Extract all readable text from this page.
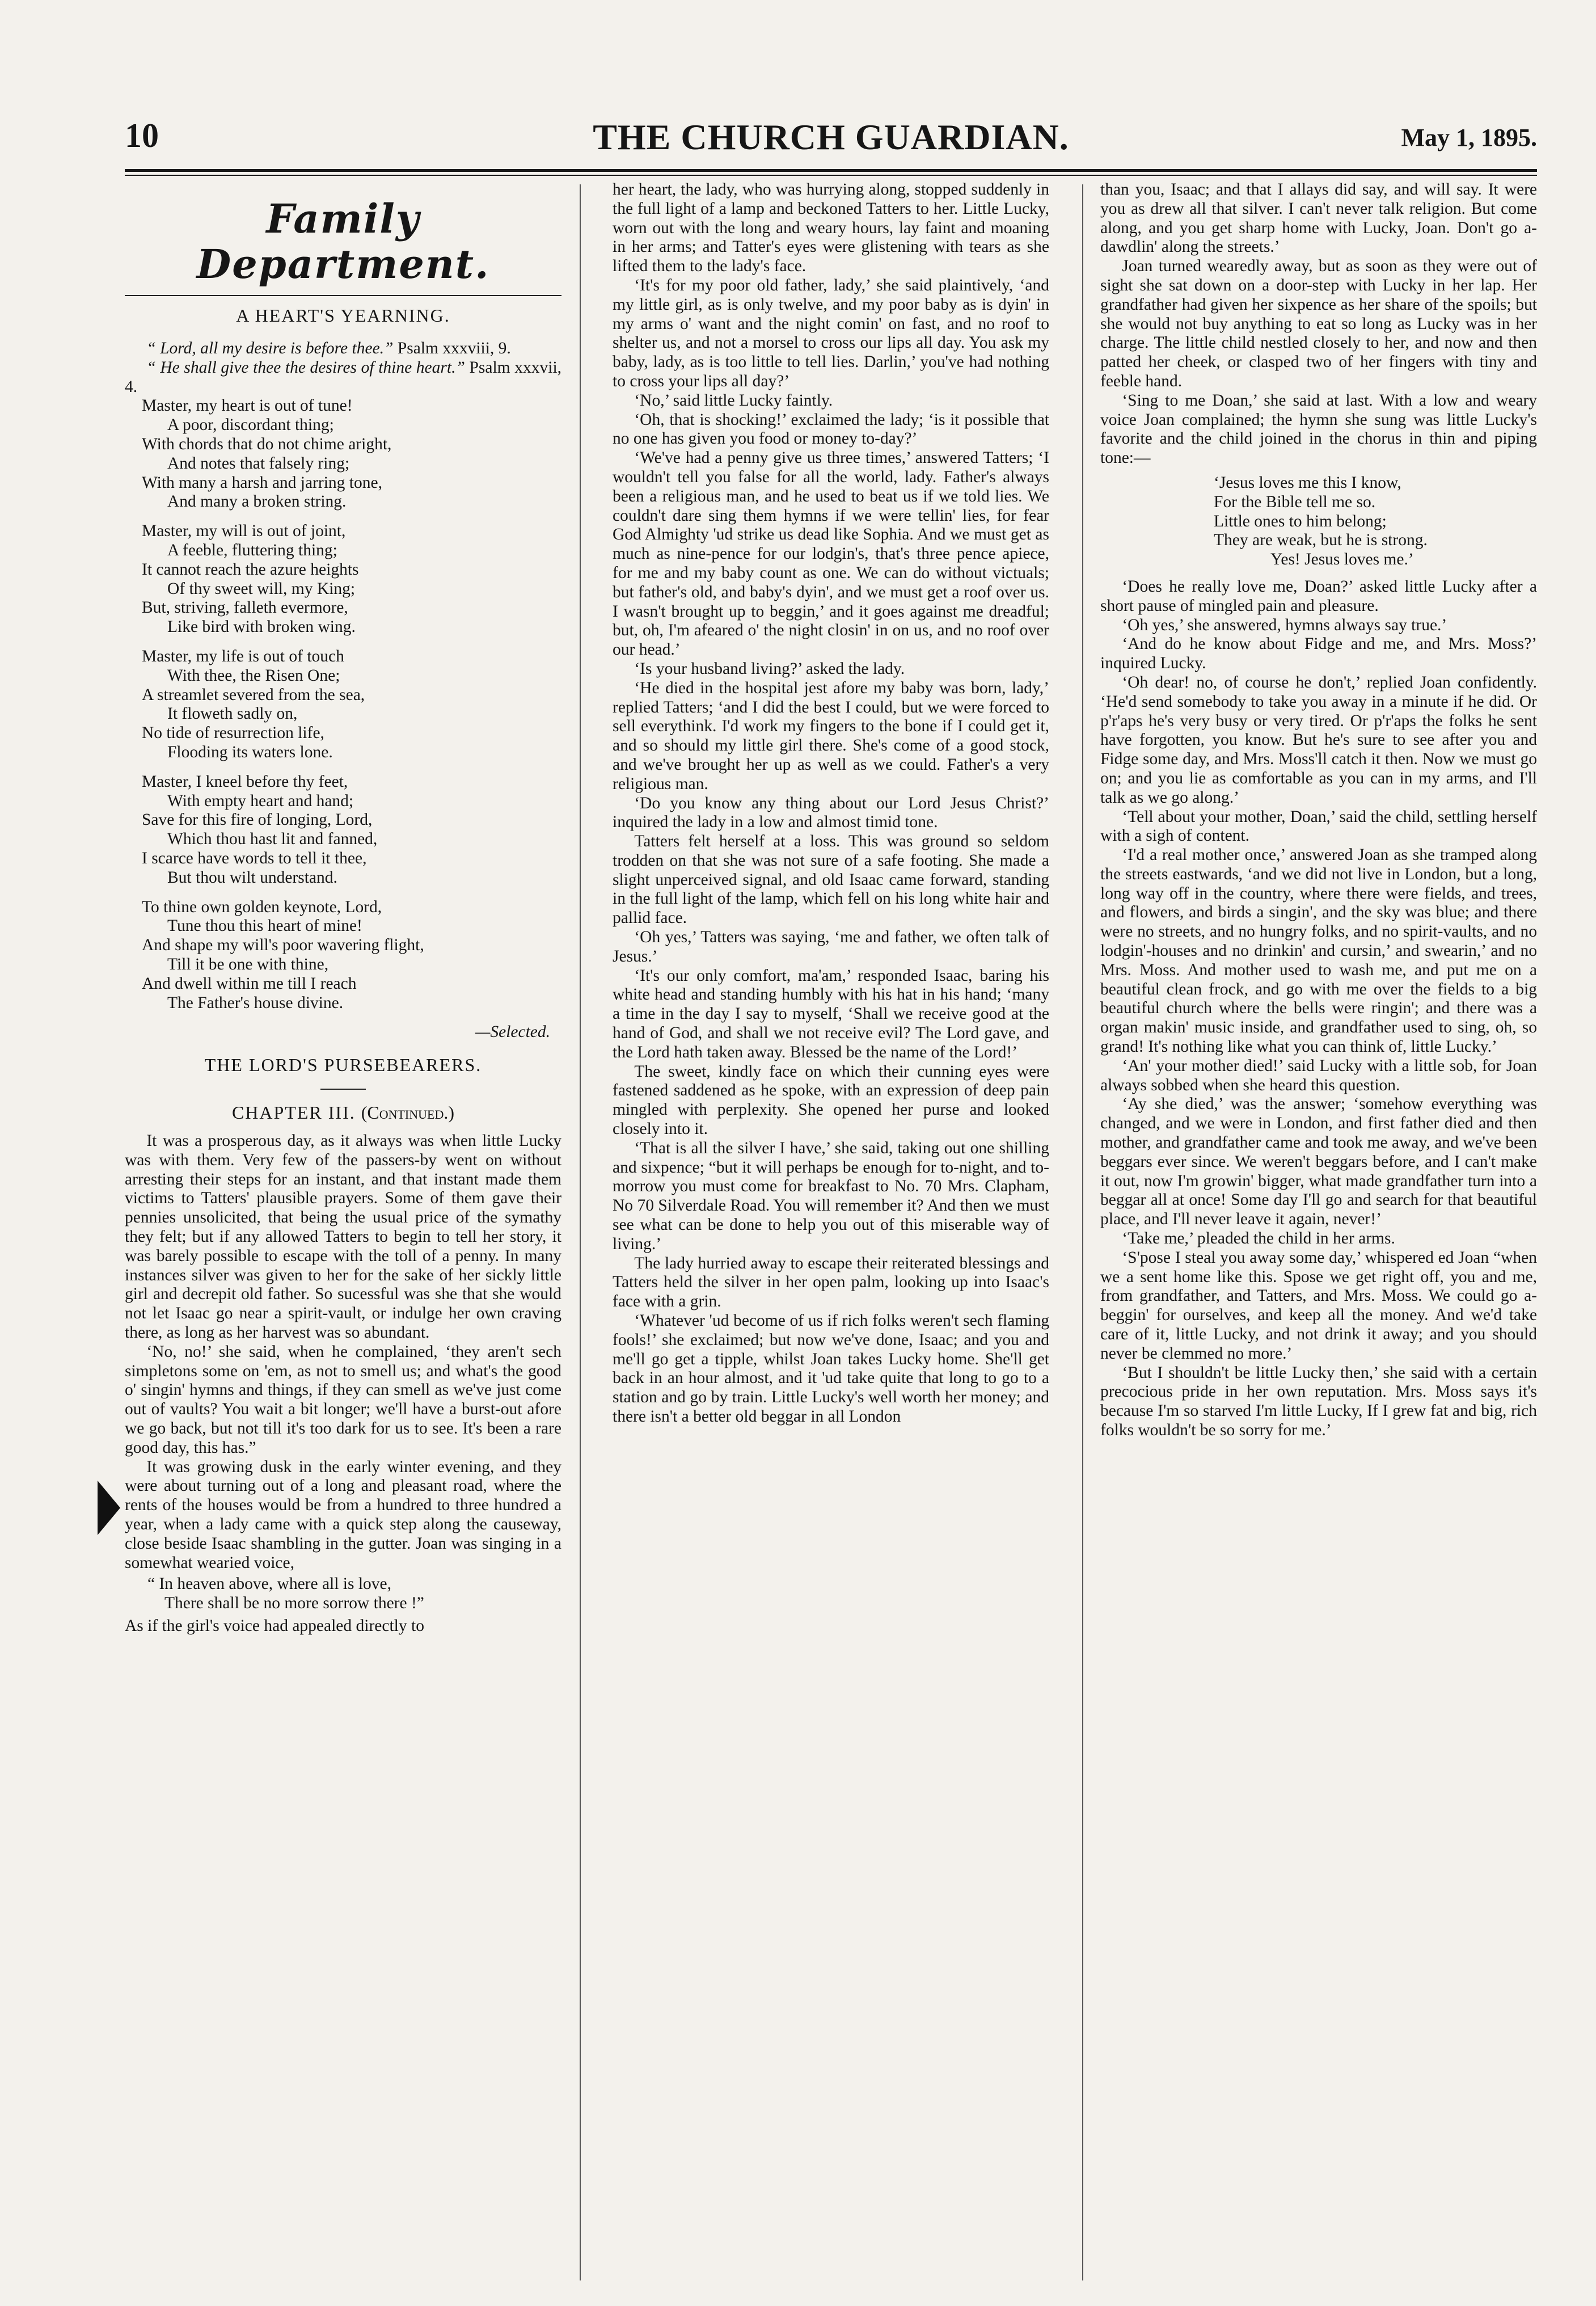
10	THE CHURCH GUARDIAN.	May 1, 1895.
Family Department.
A HEART'S YEARNING.

“ Lord, all my desire is before thee.” Psalm xxxviii, 9.

“ He shall give thee the desires of thine heart.” Psalm xxxvii, 4.

Master, my heart is out of tune!
A poor, discordant thing;
With chords that do not chime aright,
And notes that falsely ring;
With many a harsh and jarring tone,
And many a broken string.
Master, my will is out of joint,
A feeble, fluttering thing;
It cannot reach the azure heights
Of thy sweet will, my King;
But, striving, falleth evermore,
Like bird with broken wing.
Master, my life is out of touch
With thee, the Risen One;
A streamlet severed from the sea,
It floweth sadly on,
No tide of resurrection life,
Flooding its waters lone.
Master, I kneel before thy feet,
With empty heart and hand;
Save for this fire of longing, Lord,
Which thou hast lit and fanned,
I scarce have words to tell it thee,
But thou wilt understand.
To thine own golden keynote, Lord,
Tune thou this heart of mine!
And shape my will's poor wavering flight,
Till it be one with thine,
And dwell within me till I reach
The Father's house divine.
—Selected.
THE LORD'S PURSEBEARERS.
CHAPTER III. (Continued.)

It was a prosperous day, as it always was when little Lucky was with them. Very few of the passers-by went on without arresting their steps for an instant, and that instant made them victims to Tatters' plausible prayers. Some of them gave their pennies unsolicited, that being the usual price of the symathy they felt; but if any allowed Tatters to begin to tell her story, it was barely possible to escape with the toll of a penny. In many instances silver was given to her for the sake of her sickly little girl and decrepit old father. So sucessful was she that she would not let Isaac go near a spirit-vault, or indulge her own craving there, as long as her harvest was so abundant.

‘No, no!’ she said, when he complained, ‘they aren't sech simpletons some on 'em, as not to smell us; and what's the good o' singin' hymns and things, if they can smell as we've just come out of vaults? You wait a bit longer; we'll have a burst-out afore we go back, but not till it's too dark for us to see. It's been a rare good day, this has.”

It was growing dusk in the early winter evening, and they were about turning out of a long and pleasant road, where the rents of the houses would be from a hundred to three hundred a year, when a lady came with a quick step along the causeway, close beside Isaac shambling in the gutter. Joan was singing in a somewhat wearied voice,

“ In heaven above, where all is love,
There shall be no more sorrow there !”

As if the girl's voice had appealed directly to

her heart, the lady, who was hurrying along, stopped suddenly in the full light of a lamp and beckoned Tatters to her. Little Lucky, worn out with the long and weary hours, lay faint and moaning in her arms; and Tatter's eyes were glistening with tears as she lifted them to the lady's face.

‘It's for my poor old father, lady,’ she said plaintively, ‘and my little girl, as is only twelve, and my poor baby as is dyin' in my arms o' want and the night comin' on fast, and no roof to shelter us, and not a morsel to cross our lips all day. You ask my baby, lady, as is too little to tell lies. Darlin,’ you've had nothing to cross your lips all day?’

‘No,’ said little Lucky faintly.

‘Oh, that is shocking!’ exclaimed the lady; ‘is it possible that no one has given you food or money to-day?’

‘We've had a penny give us three times,’ answered Tatters; ‘I wouldn't tell you false for all the world, lady. Father's always been a religious man, and he used to beat us if we told lies. We couldn't dare sing them hymns if we were tellin' lies, for fear God Almighty 'ud strike us dead like Sophia. And we must get as much as nine-pence for our lodgin's, that's three pence apiece, for me and my baby count as one. We can do without victuals; but father's old, and baby's dyin', and we must get a roof over us. I wasn't brought up to beggin,’ and it goes against me dreadful; but, oh, I'm afeared o' the night closin' in on us, and no roof over our head.’

‘Is your husband living?’ asked the lady.

‘He died in the hospital jest afore my baby was born, lady,’ replied Tatters; ‘and I did the best I could, but we were forced to sell everythink. I'd work my fingers to the bone if I could get it, and so should my little girl there. She's come of a good stock, and we've brought her up as well as we could. Father's a very religious man.

‘Do you know any thing about our Lord Jesus Christ?’ inquired the lady in a low and almost timid tone.

Tatters felt herself at a loss. This was ground so seldom trodden on that she was not sure of a safe footing. She made a slight unperceived signal, and old Isaac came forward, standing in the full light of the lamp, which fell on his long white hair and pallid face.

‘Oh yes,’ Tatters was saying, ‘me and father, we often talk of Jesus.’

‘It's our only comfort, ma'am,’ responded Isaac, baring his white head and standing humbly with his hat in his hand; ‘many a time in the day I say to myself, ‘Shall we receive good at the hand of God, and shall we not receive evil? The Lord gave, and the Lord hath taken away. Blessed be the name of the Lord!’

The sweet, kindly face on which their cunning eyes were fastened saddened as he spoke, with an expression of deep pain mingled with perplexity. She opened her purse and looked closely into it.

‘That is all the silver I have,’ she said, taking out one shilling and sixpence; “but it will perhaps be enough for to-night, and to-morrow you must come for breakfast to No. 70 Mrs. Clapham, No 70 Silverdale Road. You will remember it? And then we must see what can be done to help you out of this miserable way of living.’

The lady hurried away to escape their reiterated blessings and Tatters held the silver in her open palm, looking up into Isaac's face with a grin.

‘Whatever 'ud become of us if rich folks weren't sech flaming fools!’ she exclaimed; but now we've done, Isaac; and you and me'll go get a tipple, whilst Joan takes Lucky home. She'll get back in an hour almost, and it 'ud take quite that long to go to a station and go by train. Little Lucky's well worth her money; and there isn't a better old beggar in all London

than you, Isaac; and that I allays did say, and will say. It were you as drew all that silver. I can't never talk religion. But come along, and you get sharp home with Lucky, Joan. Don't go a-dawdlin' along the streets.’

Joan turned wearedly away, but as soon as they were out of sight she sat down on a door-step with Lucky in her lap. Her grandfather had given her sixpence as her share of the spoils; but she would not buy anything to eat so long as Lucky was in her charge. The little child nestled closely to her, and now and then patted her cheek, or clasped two of her fingers with tiny and feeble hand.

‘Sing to me Doan,’ she said at last. With a low and weary voice Joan complained; the hymn she sung was little Lucky's favorite and the child joined in the chorus in thin and piping tone:—

‘Jesus loves me this I know,
For the Bible tell me so.
Little ones to him belong;
They are weak, but he is strong.
Yes! Jesus loves me.’

‘Does he really love me, Doan?’ asked little Lucky after a short pause of mingled pain and pleasure.

‘Oh yes,’ she answered, hymns always say true.’

‘And do he know about Fidge and me, and Mrs. Moss?’ inquired Lucky.

‘Oh dear! no, of course he don't,’ replied Joan confidently. ‘He'd send somebody to take you away in a minute if he did. Or p'r'aps he's very busy or very tired. Or p'r'aps the folks he sent have forgotten, you know. But he's sure to see after you and Fidge some day, and Mrs. Moss'll catch it then. Now we must go on; and you lie as comfortable as you can in my arms, and I'll talk as we go along.’

‘Tell about your mother, Doan,’ said the child, settling herself with a sigh of content.

‘I'd a real mother once,’ answered Joan as she tramped along the streets eastwards, ‘and we did not live in London, but a long, long way off in the country, where there were fields, and trees, and flowers, and birds a singin', and the sky was blue; and there were no streets, and no hungry folks, and no spirit-vaults, and no lodgin'-houses and no drinkin' and cursin,’ and swearin,’ and no Mrs. Moss. And mother used to wash me, and put me on a beautiful clean frock, and go with me over the fields to a big beautiful church where the bells were ringin'; and there was a organ makin' music inside, and grandfather used to sing, oh, so grand! It's nothing like what you can think of, little Lucky.’

‘An' your mother died!’ said Lucky with a little sob, for Joan always sobbed when she heard this question.

‘Ay she died,’ was the answer; ‘somehow everything was changed, and we were in London, and first father died and then mother, and grandfather came and took me away, and we've been beggars ever since. We weren't beggars before, and I can't make it out, now I'm growin' bigger, what made grandfather turn into a beggar all at once! Some day I'll go and search for that beautiful place, and I'll never leave it again, never!’

‘Take me,’ pleaded the child in her arms.

‘S'pose I steal you away some day,’ whispered ed Joan “when we a sent home like this. Spose we get right off, you and me, from grandfather, and Tatters, and Mrs. Moss. We could go a-beggin' for ourselves, and keep all the money. And we'd take care of it, little Lucky, and not drink it away; and you should never be clemmed no more.’

‘But I shouldn't be little Lucky then,’ she said with a certain precocious pride in her own reputation. Mrs. Moss says it's because I'm so starved I'm little Lucky, If I grew fat and big, rich folks wouldn't be so sorry for me.’
